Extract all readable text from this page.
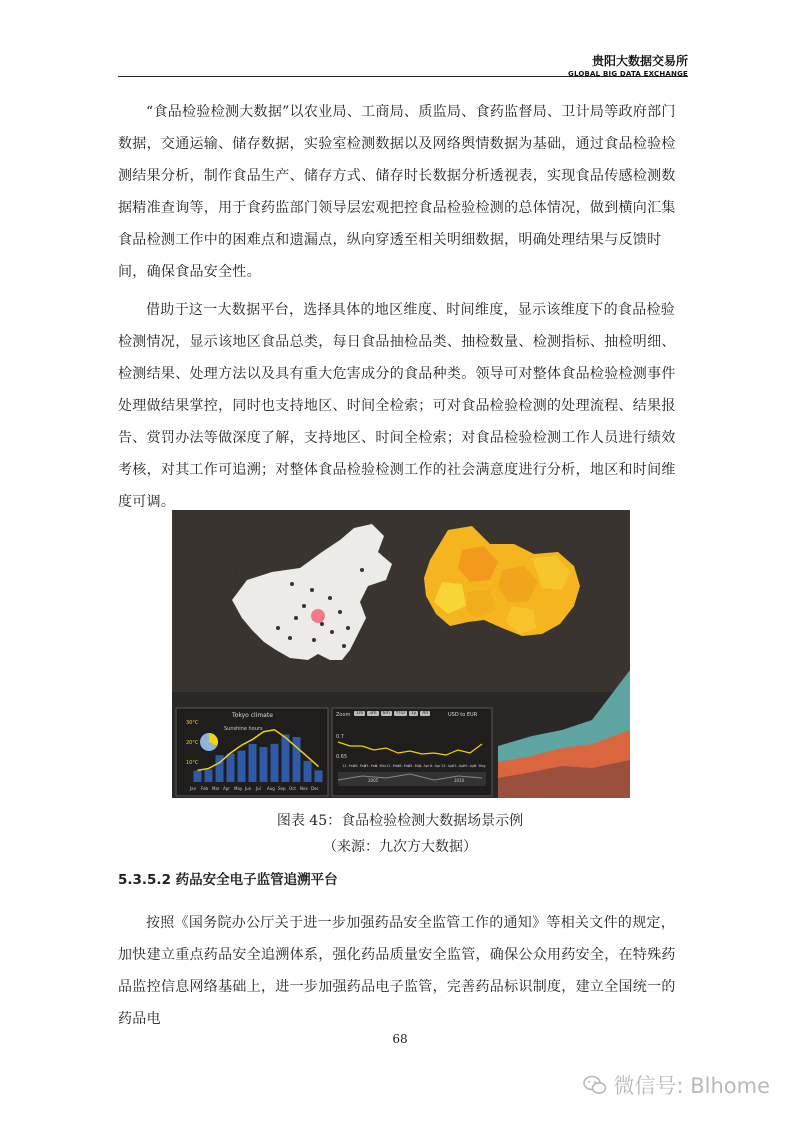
贵阳大数据交易所
GLOBAL BIG DATA EXCHANGE

“食品检验检测大数据”以农业局、工商局、质监局、食药监督局、卫计局等政府部门数据，交通运输、储存数据，实验室检测数据以及网络舆情数据为基础，通过食品检验检测结果分析，制作食品生产、储存方式、储存时长数据分析透视表，实现食品传感检测数据精准查询等，用于食药监部门领导层宏观把控食品检验检测的总体情况，做到横向汇集食品检测工作中的困难点和遗漏点，纵向穿透至相关明细数据，明确处理结果与反馈时间，确保食品安全性。

借助于这一大数据平台，选择具体的地区维度、时间维度，显示该维度下的食品检验检测情况，显示该地区食品总类，每日食品抽检品类、抽检数量、检测指标、抽检明细、检测结果、处理方法以及具有重大危害成分的食品种类。领导可对整体食品检验检测事件处理做结果掌控，同时也支持地区、时间全检索；可对食品检验检测的处理流程、结果报告、赏罚办法等做深度了解，支持地区、时间全检索；对食品检验检测工作人员进行绩效考核，对其工作可追溯；对整体食品检验检测工作的社会满意度进行分析，地区和时间维度可调。

Tokyo climate
Sunshine hours
30°C
20°C
10°C
Jan Feb Mar Apr May Jun Jul Aug Sep Oct Nov Dec
Zoom	1m	3m	6m	YTD	1y	All	USD to EUR
0.7
0.65
11. Feb18. Feb25. Feb4. Mar11. Mar18. Mar25. Mar1. Apr8. Apr15. Apr22. Apr29. Apr6. May
2005	2010
图表 45：食品检验检测大数据场景示例
（来源：九次方大数据）
5.3.5.2 药品安全电子监管追溯平台

按照《国务院办公厅关于进一步加强药品安全监管工作的通知》等相关文件的规定，加快建立重点药品安全追溯体系，强化药品质量安全监管，确保公众用药安全，在特殊药品监控信息网络基础上，进一步加强药品电子监管，完善药品标识制度，建立全国统一的药品电

68
微信号: Blhome
